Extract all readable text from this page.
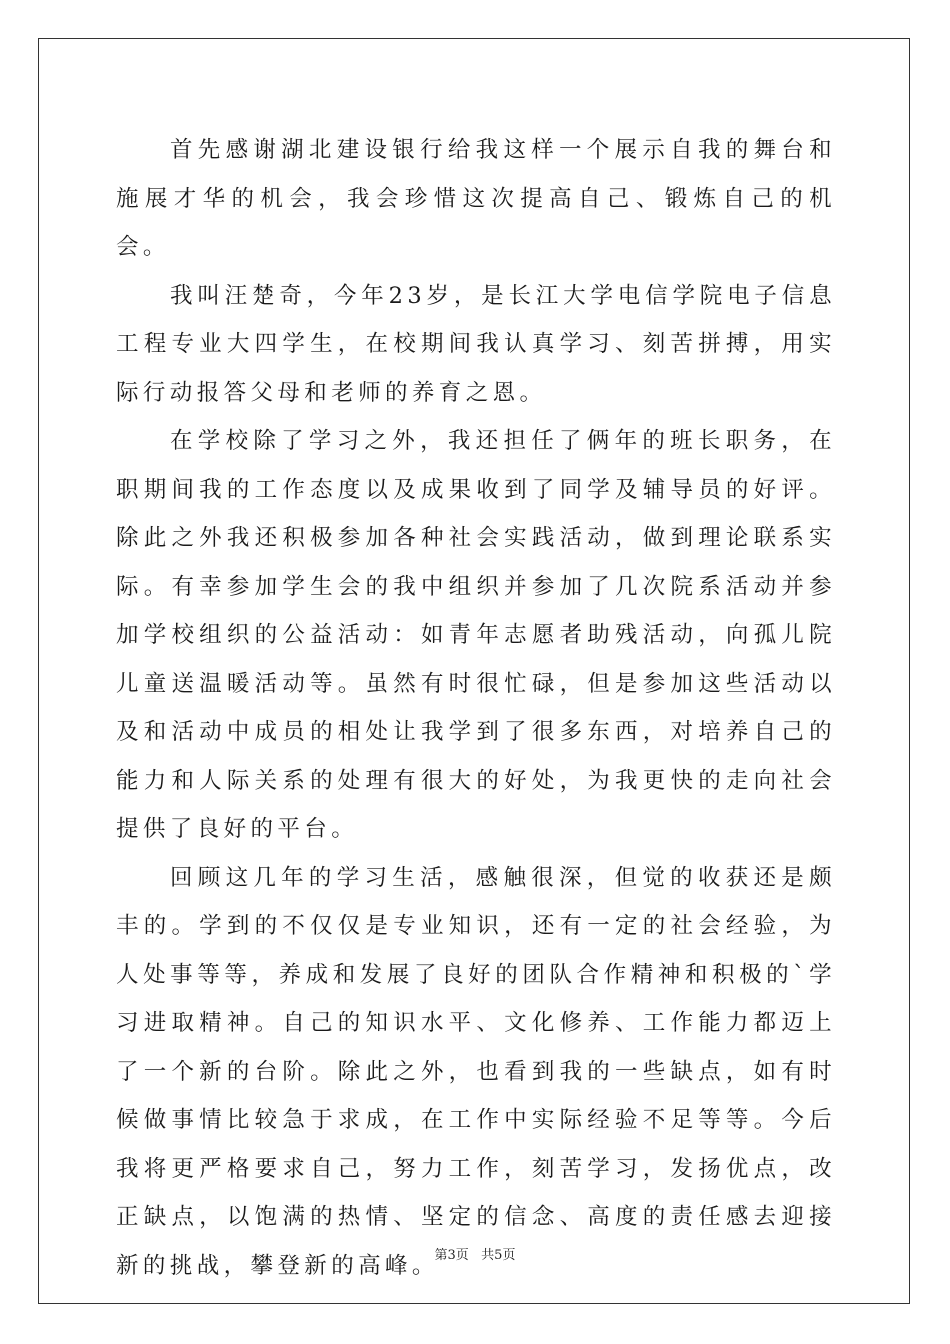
首先感谢湖北建设银行给我这样一个展示自我的舞台和施展才华的机会，我会珍惜这次提高自己、锻炼自己的机会。

我叫汪楚奇，今年23岁，是长江大学电信学院电子信息工程专业大四学生，在校期间我认真学习、刻苦拼搏，用实际行动报答父母和老师的养育之恩。

在学校除了学习之外，我还担任了俩年的班长职务，在职期间我的工作态度以及成果收到了同学及辅导员的好评。除此之外我还积极参加各种社会实践活动，做到理论联系实际。有幸参加学生会的我中组织并参加了几次院系活动并参加学校组织的公益活动：如青年志愿者助残活动，向孤儿院儿童送温暖活动等。虽然有时很忙碌，但是参加这些活动以及和活动中成员的相处让我学到了很多东西，对培养自己的能力和人际关系的处理有很大的好处，为我更快的走向社会提供了良好的平台。

回顾这几年的学习生活，感触很深，但觉的收获还是颇丰的。学到的不仅仅是专业知识，还有一定的社会经验，为人处事等等，养成和发展了良好的团队合作精神和积极的`学习进取精神。自己的知识水平、文化修养、工作能力都迈上了一个新的台阶。除此之外，也看到我的一些缺点，如有时候做事情比较急于求成，在工作中实际经验不足等等。今后我将更严格要求自己，努力工作，刻苦学习，发扬优点，改正缺点，以饱满的热情、坚定的信念、高度的责任感去迎接新的挑战，攀登新的高峰。

第3页   共5页
